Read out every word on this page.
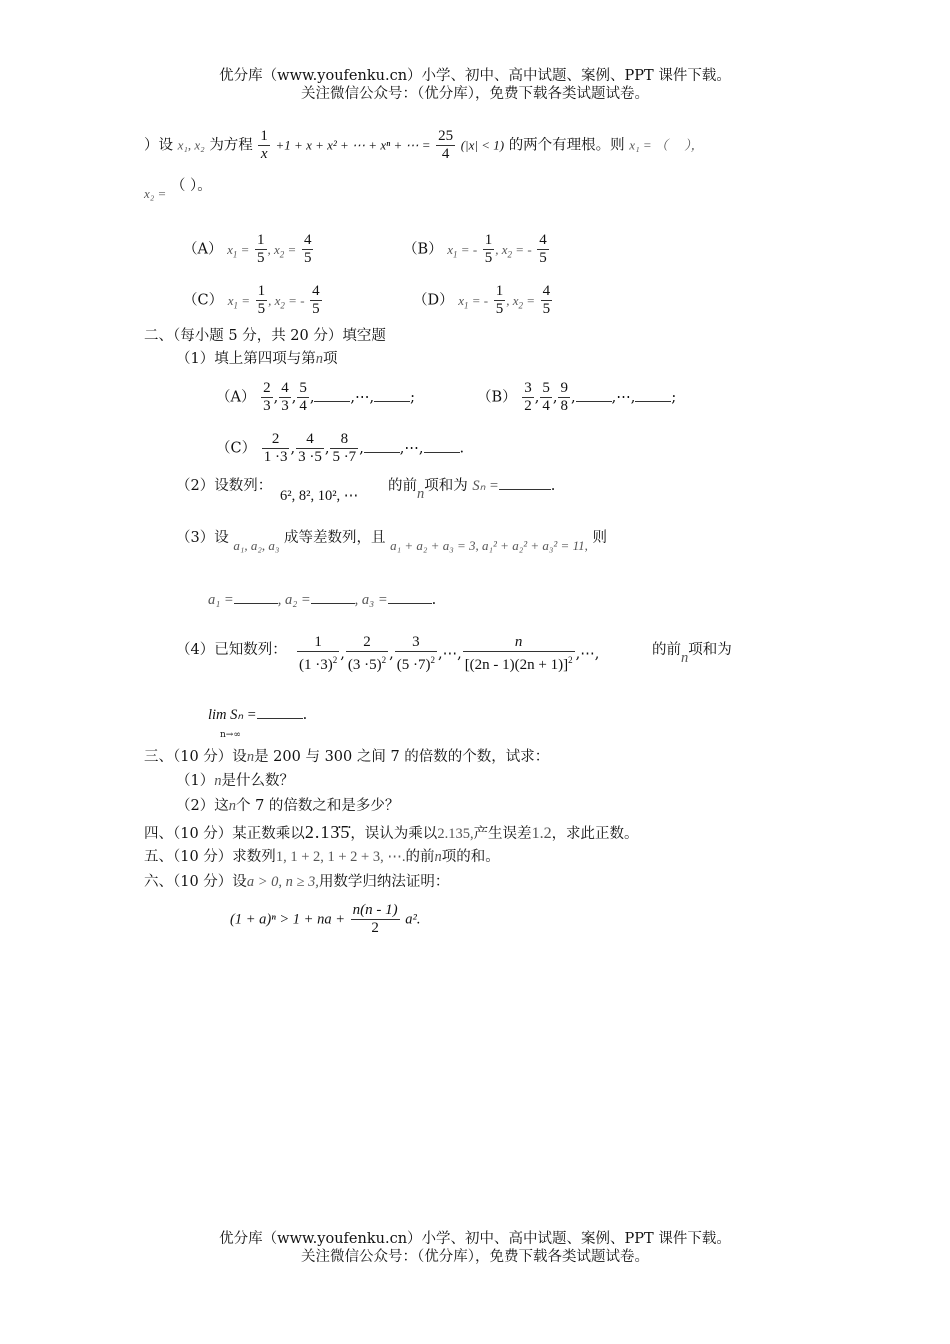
优分库（www.youfenku.cn）小学、初中、高中试题、案例、PPT 课件下载。
关注微信公众号：（优分库），免费下载各类试题试卷。
）设 x₁, x₂ 为方程 $\frac{1}{x} +1 + x + x^2$ + ⋯ + xⁿ + ⋯ = $\frac{25}{4} (|x| < 1)$ 的两个有理根。则 x₁ = （　 ），
x₂ = （ ）。
（A） $x_1 = \frac{1}{5}$ , $x_2 = \frac{4}{5}$	（B） $x_1$ = - $\frac{1}{5}$ , $x_2$ = - $\frac{4}{5}$
（C） $x_1 = \frac{1}{5}$ , $x_2$ = - $\frac{4}{5}$	（D） $x_1$ = - $\frac{1}{5}$ , $x_2 = \frac{4}{5}$
二、（每小题 5 分，共 20 分）填空题
（1）填上第四项与第n项
$(A) \frac{2}{3}$ , $\frac{4}{3}$ , $\frac{5}{4}$ , ,⋯, ;	$(B) \frac{3}{2}$ , $\frac{5}{4}$ , $\frac{9}{8}$ , ,⋯, ;
$(C) \frac{2}{1 \cdot 3}$ , $\frac{4}{3 \cdot 5}$ , $\frac{8}{5 \cdot 7}$ , ,⋯, .
（2）设数列：
6², 8², 10², ⋯
的前n项和为 Sₙ =	.
（3）设 a₁, a₂, a₃ 成等差数列，且 a₁ + a₂ + a₃ = 3, a₁² + a₂² + a₃² = 11, 则
a₁ =	, a₂ =	, a₃ =	.
（4）已知数列： $\frac{1}{(1 \cdot 3)^2}$ , $\frac{2}{(3 \cdot 5)^2}$ , $\frac{3}{(5 \cdot 7)^2}$ ,⋯, $\frac{n}{[(2n - 1)(2n + 1)]^2}$ ,⋯,	的前n项和为
lim Sₙ =	.
n→∞
三、（10 分）设n是 200 与 300 之间 7 的倍数的个数，试求：
（1）n是什么数？
（2）这n个 7 的倍数之和是多少？
四、（10 分）某正数乘以2.13̇5̇，误认为乘以2.135,产生误差1.2，求此正数。
五、（10 分）求数列1, 1 + 2, 1 + 2 + 3, ⋯.的前n项的和。
六、（10 分）设a > 0, n ≥ 3,用数学归纳法证明：
(1 + a)ⁿ > 1 + na + $\frac{n(n - 1)}{2} a^2$.
优分库（www.youfenku.cn）小学、初中、高中试题、案例、PPT 课件下载。
关注微信公众号：（优分库），免费下载各类试题试卷。
